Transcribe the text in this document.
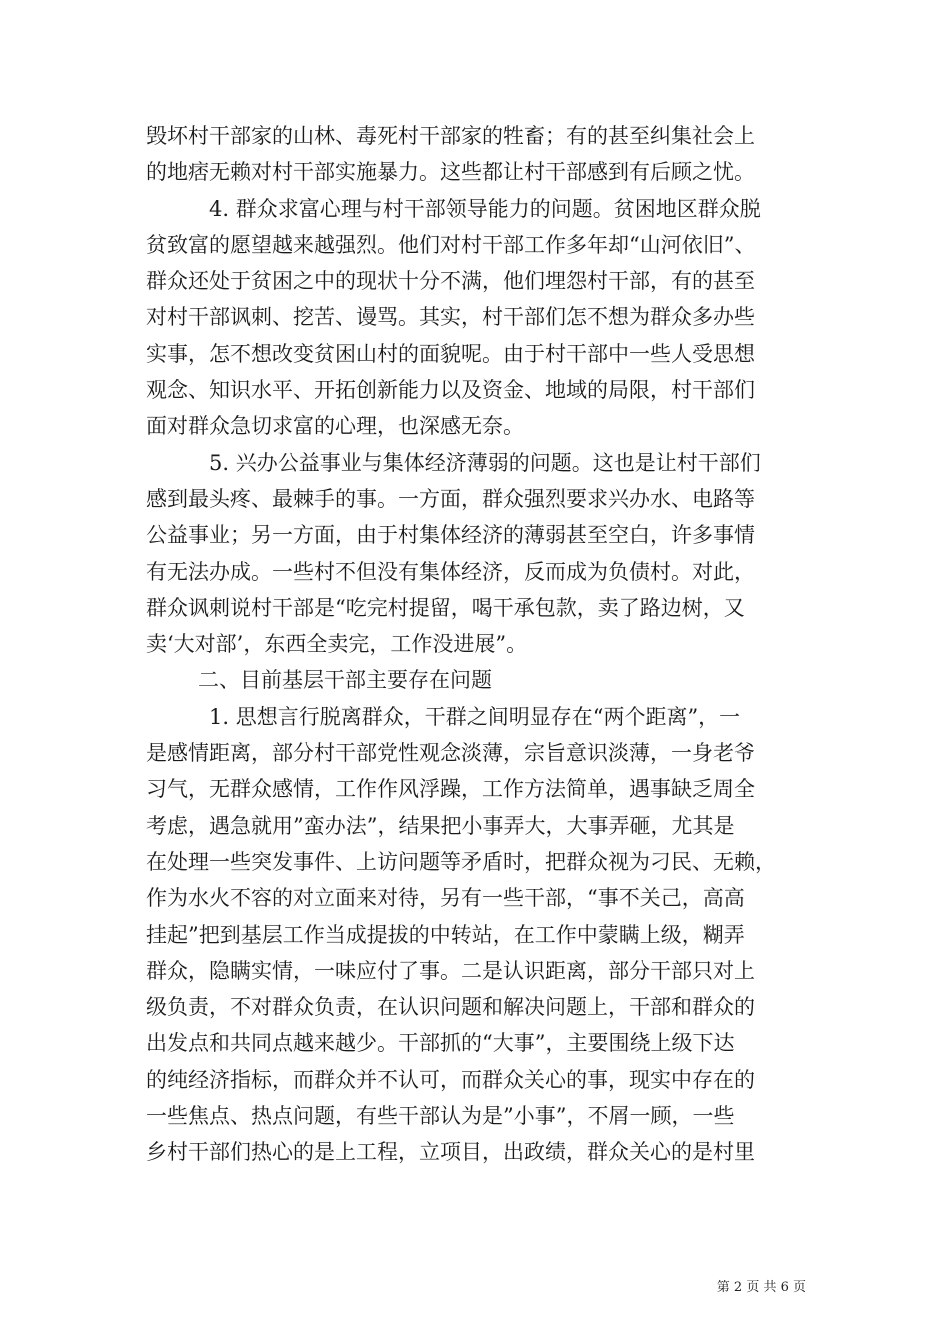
毁坏村干部家的山林、毒死村干部家的牲畜；有的甚至纠集社会上
的地痞无赖对村干部实施暴力。这些都让村干部感到有后顾之忧。
4. 群众求富心理与村干部领导能力的问题。贫困地区群众脱
贫致富的愿望越来越强烈。他们对村干部工作多年却“山河依旧”、
群众还处于贫困之中的现状十分不满，他们埋怨村干部，有的甚至
对村干部讽刺、挖苦、谩骂。其实，村干部们怎不想为群众多办些
实事，怎不想改变贫困山村的面貌呢。由于村干部中一些人受思想
观念、知识水平、开拓创新能力以及资金、地域的局限，村干部们
面对群众急切求富的心理，也深感无奈。
5. 兴办公益事业与集体经济薄弱的问题。这也是让村干部们
感到最头疼、最棘手的事。一方面，群众强烈要求兴办水、电路等
公益事业；另一方面，由于村集体经济的薄弱甚至空白，许多事情
有无法办成。一些村不但没有集体经济，反而成为负债村。对此，
群众讽刺说村干部是“吃完村提留，喝干承包款，卖了路边树，又
卖‘大对部’，东西全卖完，工作没进展”。
二、目前基层干部主要存在问题
1. 思想言行脱离群众，干群之间明显存在“两个距离”，一
是感情距离，部分村干部党性观念淡薄，宗旨意识淡薄，一身老爷
习气，无群众感情，工作作风浮躁，工作方法简单，遇事缺乏周全
考虑，遇急就用”蛮办法”，结果把小事弄大，大事弄砸，尤其是
在处理一些突发事件、上访问题等矛盾时，把群众视为刁民、无赖，
作为水火不容的对立面来对待，另有一些干部，“事不关己，高高
挂起”把到基层工作当成提拔的中转站，在工作中蒙瞒上级，糊弄
群众，隐瞒实情，一味应付了事。二是认识距离，部分干部只对上
级负责，不对群众负责，在认识问题和解决问题上，干部和群众的
出发点和共同点越来越少。干部抓的“大事”，主要围绕上级下达
的纯经济指标，而群众并不认可，而群众关心的事，现实中存在的
一些焦点、热点问题，有些干部认为是”小事”，不屑一顾，一些
乡村干部们热心的是上工程，立项目，出政绩，群众关心的是村里
第 2 页 共 6 页
